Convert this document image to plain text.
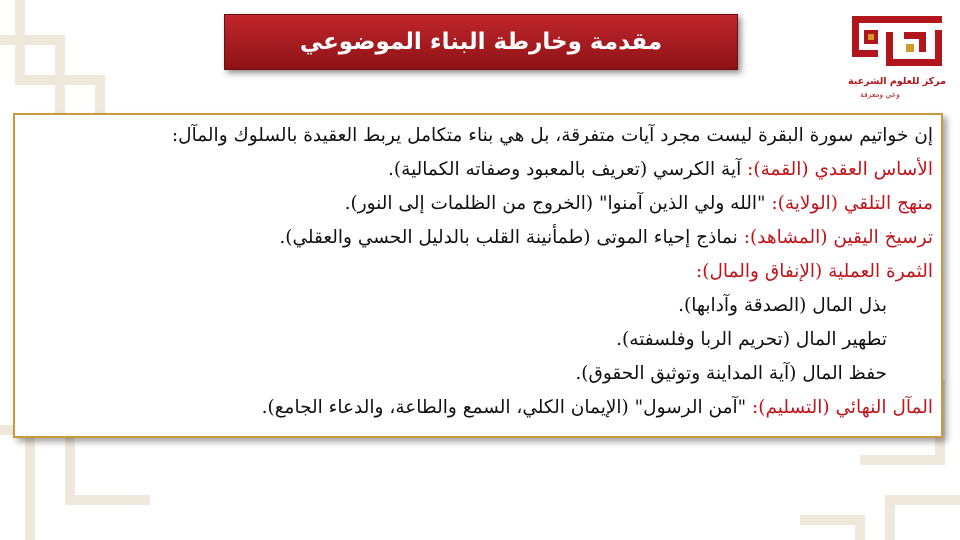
مقدمة وخارطة البناء الموضوعي
مركز للعلوم الشرعية
وعي ومعرفة
إن خواتيم سورة البقرة ليست مجرد آيات متفرقة، بل هي بناء متكامل يربط العقيدة بالسلوك والمآل:
الأساس العقدي (القمة): آية الكرسي (تعريف بالمعبود وصفاته الكمالية).
منهج التلقي (الولاية): "الله ولي الذين آمنوا" (الخروج من الظلمات إلى النور).
ترسيخ اليقين (المشاهد): نماذج إحياء الموتى (طمأنينة القلب بالدليل الحسي والعقلي).
الثمرة العملية (الإنفاق والمال):
بذل المال (الصدقة وآدابها).
تطهير المال (تحريم الربا وفلسفته).
حفظ المال (آية المداينة وتوثيق الحقوق).
المآل النهائي (التسليم): "آمن الرسول" (الإيمان الكلي، السمع والطاعة، والدعاء الجامع).
